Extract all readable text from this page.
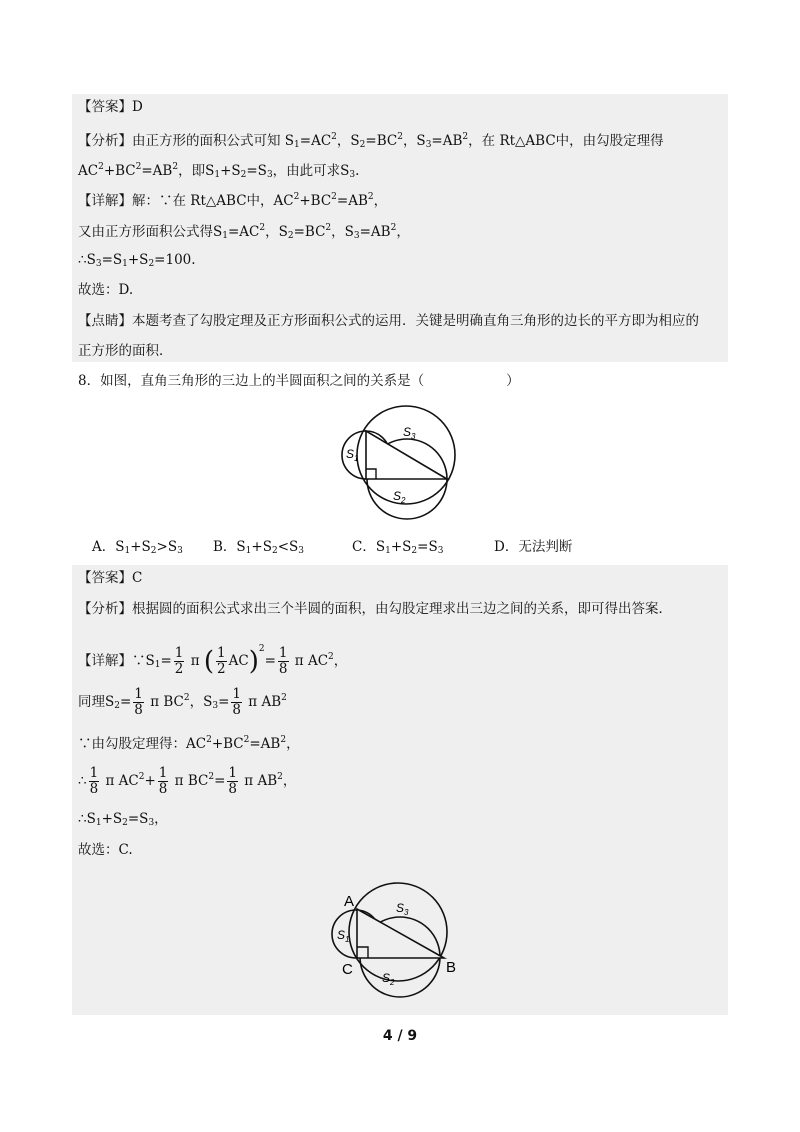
【答案】D
【分析】由正方形的面积公式可知 $S_1=AC^2$，$S_2=BC^2$，$S_3=AB^2$，在 Rt△ABC中，由勾股定理得
$AC^2+BC^2=AB^2$，即$S_1+S_2=S_3$，由此可求$S_3$.
【详解】解：∵在 Rt△ABC中，$AC^2+BC^2=AB^2$，
又由正方形面积公式得$S_1=AC^2$，$S_2=BC^2$，$S_3=AB^2$，
$\therefore S_3=S_1+S_2=100$.
故选：D.
【点睛】本题考查了勾股定理及正方形面积公式的运用．关键是明确直角三角形的边长的平方即为相应的
正方形的面积．
8．如图，直角三角形的三边上的半圆面积之间的关系是（	）
$S_1$
$S_2$
$S_3$
A．$S_1+S_2>S_3$ B．$S_1+S_2<S_3$	C．$S_1+S_2=S_3$	D．无法判断
【答案】C
【分析】根据圆的面积公式求出三个半圆的面积，由勾股定理求出三边之间的关系，即可得出答案．
【详解】$\because S_1= \frac{1}{2}$ π ( $\frac{1}{2} AC)^2= \frac{1}{8}$ π $AC^2$，
同理$S_2= \frac{1}{8}$ π $BC^2$，$S_3= \frac{1}{8}$ π $AB^2$
∵由勾股定理得：$AC^2+BC^2=AB^2$，
∴ $\frac{1}{8}$ π $AC^2+ \frac{1}{8}$ π $BC^2= \frac{1}{8}$ π $AB^2$，
$\therefore S_1+S_2=S_3$，
故选：C.
A
C	B
$S_1$
$S_2$
$S_3$
4 / 9
